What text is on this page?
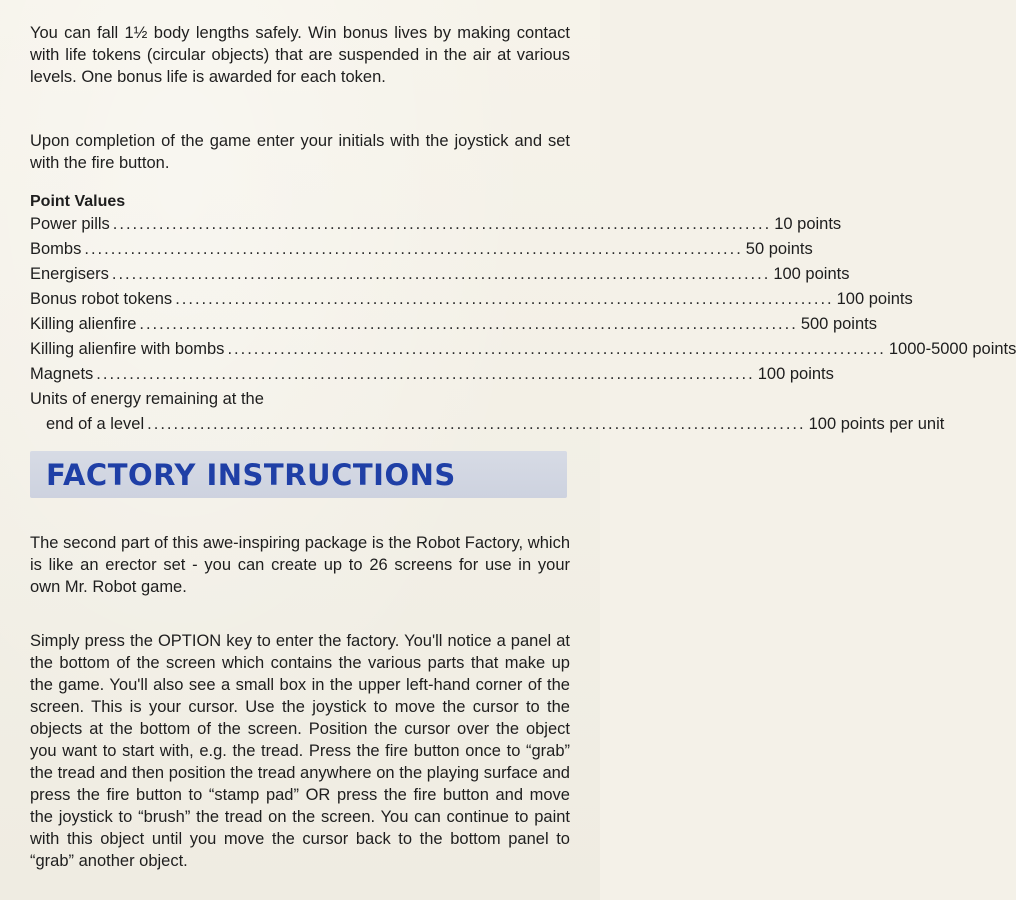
You can fall 1½ body lengths safely. Win bonus lives by making contact with life tokens (circular objects) that are suspended in the air at various levels. One bonus life is awarded for each token.

Upon completion of the game enter your initials with the joystick and set with the fire button.

Point Values
Power pills .................................................................................................... 10 points
Bombs .................................................................................................... 50 points
Energisers .................................................................................................... 100 points
Bonus robot tokens .................................................................................................... 100 points
Killing alienfire .................................................................................................... 500 points
Killing alienfire with bombs .................................................................................................... 1000-5000 points
Magnets .................................................................................................... 100 points
Units of energy remaining at the
end of a level .................................................................................................... 100 points per unit
FACTORY INSTRUCTIONS

The second part of this awe-inspiring package is the Robot Factory, which is like an erector set - you can create up to 26 screens for use in your own Mr. Robot game.

Simply press the OPTION key to enter the factory. You'll notice a panel at the bottom of the screen which contains the various parts that make up the game. You'll also see a small box in the upper left-hand corner of the screen. This is your cursor. Use the joystick to move the cursor to the objects at the bottom of the screen. Position the cursor over the object you want to start with, e.g. the tread. Press the fire button once to “grab” the tread and then position the tread anywhere on the playing surface and press the fire button to “stamp pad” OR press the fire button and move the joystick to “brush” the tread on the screen. You can continue to paint with this object until you move the cursor back to the bottom panel to “grab” another object.
